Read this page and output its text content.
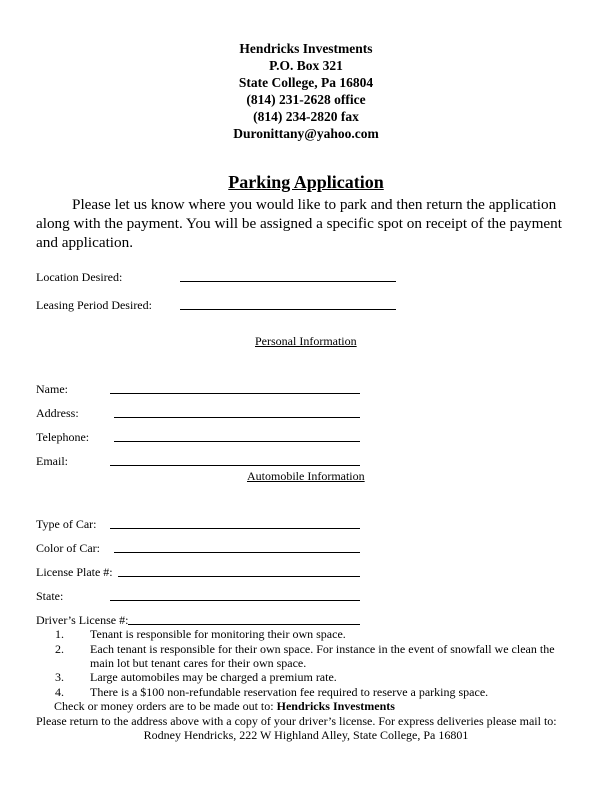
Hendricks Investments
P.O. Box 321
State College, Pa 16804
(814) 231-2628 office
(814) 234-2820 fax
Duronittany@yahoo.com
Parking Application
Please let us know where you would like to park and then return the application along with the payment. You will be assigned a specific spot on receipt of the payment and application.
Location Desired:
Leasing Period Desired:
Personal Information
Name:
Address:
Telephone:
Email:
Automobile Information
Type of Car:
Color of Car:
License Plate #:
State:
Driver’s License #:
1.	Tenant is responsible for monitoring their own space.
2.	Each tenant is responsible for their own space. For instance in the event of snowfall we clean the main lot but tenant cares for their own space.
3.	Large automobiles may be charged a premium rate.
4.	There is a $100 non-refundable reservation fee required to reserve a parking space.
Check or money orders are to be made out to: Hendricks Investments
Please return to the address above with a copy of your driver’s license. For express deliveries please mail to:
Rodney Hendricks, 222 W Highland Alley, State College, Pa 16801
